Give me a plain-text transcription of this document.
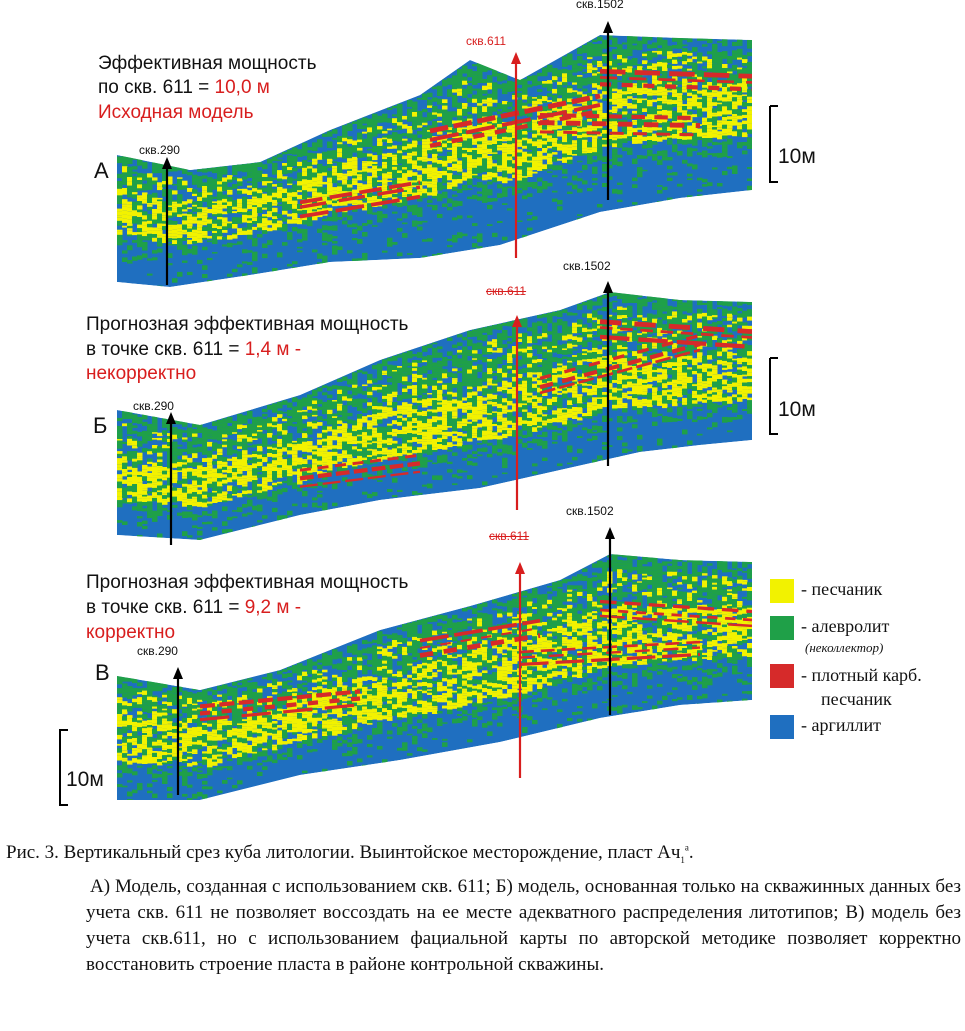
Эффективная мощность
по скв. 611 = 10,0 м
Исходная модель
А
Прогнозная эффективная мощность
в точке скв. 611 = 1,4 м -
некорректно
Б
Прогнозная эффективная мощность
в точке скв. 611 = 9,2 м -
корректно
В
скв.290
скв.611
скв.1502
скв.290
скв.611
скв.1502
скв.290
скв.611
скв.1502
10м
10м
10м
- песчаник
- алевролит
(неколлектор)
- плотный карб.
песчаник
- аргиллит
Рис. 3. Вертикальный срез куба литологии. Выинтойское месторождение, пласт $Ач_1^а$.
А) Модель, созданная с использованием скв. 611; Б) модель, основанная только на скважинных данных без учета скв. 611 не позволяет воссоздать на ее месте адекватного распределения литотипов; В) модель без учета скв.611, но с использованием фациальной карты по авторской методике позволяет корректно восстановить строение пласта в районе контрольной скважины.
